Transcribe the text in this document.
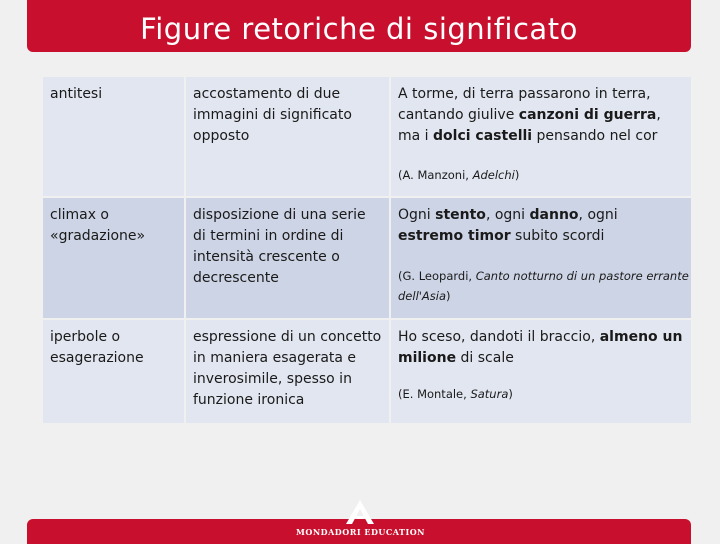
Figure retoriche di significato
antitesi	accostamento di due immagini di significato opposto
A torme, di terra passarono in terra, cantando giulive canzoni di guerra, ma i dolci castelli pensando nel cor
(A. Manzoni, Adelchi)
climax o «gradazione»
disposizione di una serie di termini in ordine di intensità crescente o decrescente
Ogni stento, ogni danno, ogni estremo timor subito scordi
(G. Leopardi, Canto notturno di un pastore errante dell'Asia)
iperbole o esagerazione
espressione di un concetto in maniera esagerata e inverosimile, spesso in funzione ironica
Ho sceso, dandoti il braccio, almeno un milione di scale
(E. Montale, Satura)
MONDADORI EDUCATION
